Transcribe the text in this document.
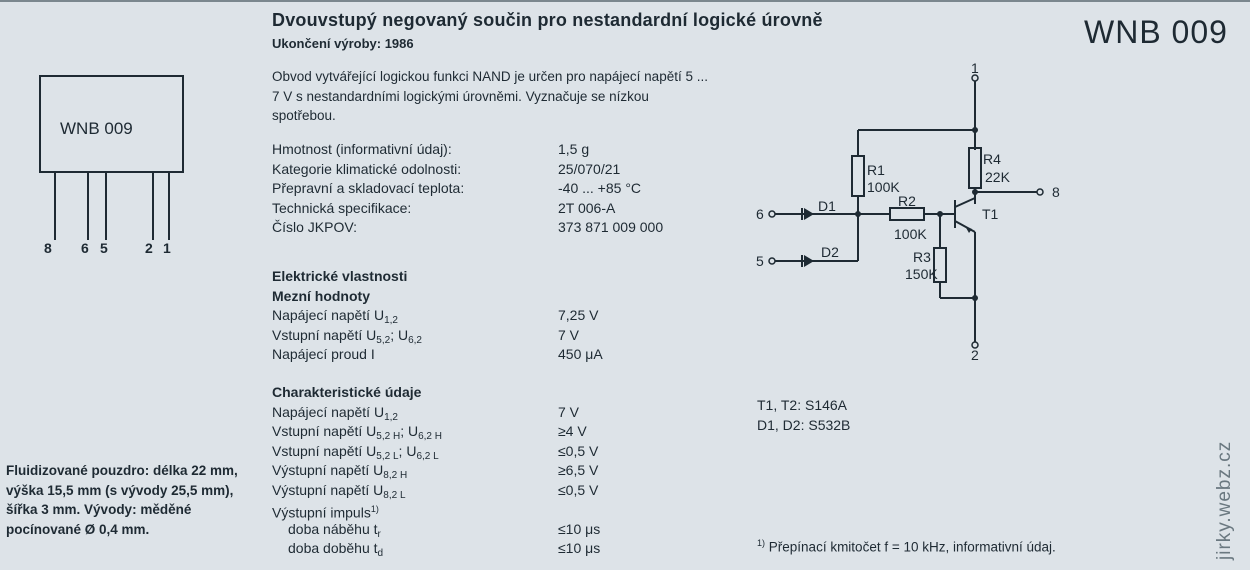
Dvouvstupý negovaný součin pro nestandardní logické úrovně
Ukončení výroby: 1986	WNB 009
WNB 009
8 6 5	2 1
Fluidizované pouzdro: délka 22 mm, výška 15,5 mm (s vývody 25,5 mm), šířka 3 mm. Vývody: měděné pocínované Ø 0,4 mm.
Obvod vytvářející logickou funkci NAND je určen pro napájecí napětí 5 ... 7 V s nestandardními logickými úrovněmi. Vyznačuje se nízkou spotřebou.
Hmotnost (informativní údaj):	1,5 g
Kategorie klimatické odolnosti:	25/070/21
Přepravní a skladovací teplota:	-40 ... +85 °C
Technická specifikace:	2T 006-A
Číslo JKPOV:	373 871 009 000
Elektrické vlastnosti
Mezní hodnoty
Napájecí napětí $U_{1,2}$	7,25 V
Vstupní napětí $U_{5,2}$; $U_{6,2}$	7 V
Napájecí proud I	450 μA
Charakteristické údaje
Napájecí napětí $U_{1,2}$	7 V
Vstupní napětí $U_{5,2 H}$; $U_{6,2 H}$	≥4 V
Vstupní napětí $U_{5,2 L}$; $U_{6,2 L}$	≤0,5 V
Výstupní napětí $U_{8,2 H}$	≥6,5 V
Výstupní napětí $U_{8,2 L}$	≤0,5 V
Výstupní impuls$^{1)}$
doba náběhu $t_r$	≤10 μs
doba doběhu $t_d$	≤10 μs
1
2
8
6
5
R1
100K
R2
100K
R3
150K
R4
22K
D1
D2
T1
T1, T2: S146A
D1, D2: S532B
$^{1)}$ Přepínací kmitočet f = 10 kHz, informativní údaj.	jirky.webz.cz
